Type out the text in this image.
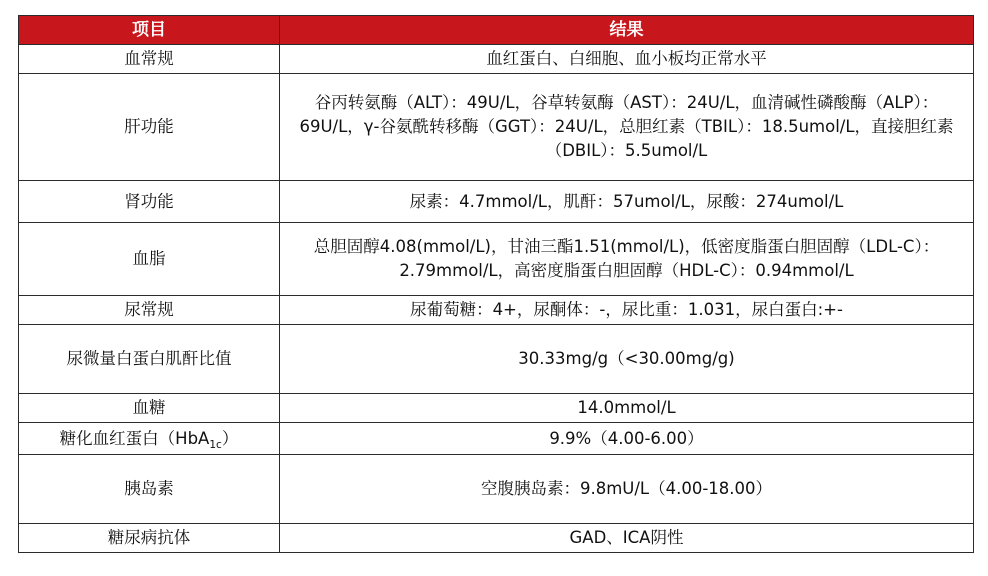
项目	结果
血常规	血红蛋白、白细胞、血小板均正常水平
肝功能	谷丙转氨酶（ALT）：49U/L，谷草转氨酶（AST）：24U/L，血清碱性磷酸酶（ALP）：69U/L，γ-谷氨酰转移酶（GGT）：24U/L，总胆红素（TBIL）：18.5umol/L，直接胆红素（DBIL）：5.5umol/L
肾功能	尿素：4.7mmol/L，肌酐：57umol/L，尿酸：274umol/L
血脂	总胆固醇4.08(mmol/L)，甘油三酯1.51(mmol/L)，低密度脂蛋白胆固醇（LDL-C）：2.79mmol/L，高密度脂蛋白胆固醇（HDL-C）：0.94mmol/L
尿常规	尿葡萄糖：4+，尿酮体：-，尿比重：1.031，尿白蛋白:+-
尿微量白蛋白肌酐比值	30.33mg/g（<30.00mg/g)
血糖	14.0mmol/L
糖化血红蛋白（HbA$_{1c}$）	9.9%（4.00-6.00）
胰岛素	空腹胰岛素：9.8mU/L（4.00-18.00）
糖尿病抗体	GAD、ICA阴性
